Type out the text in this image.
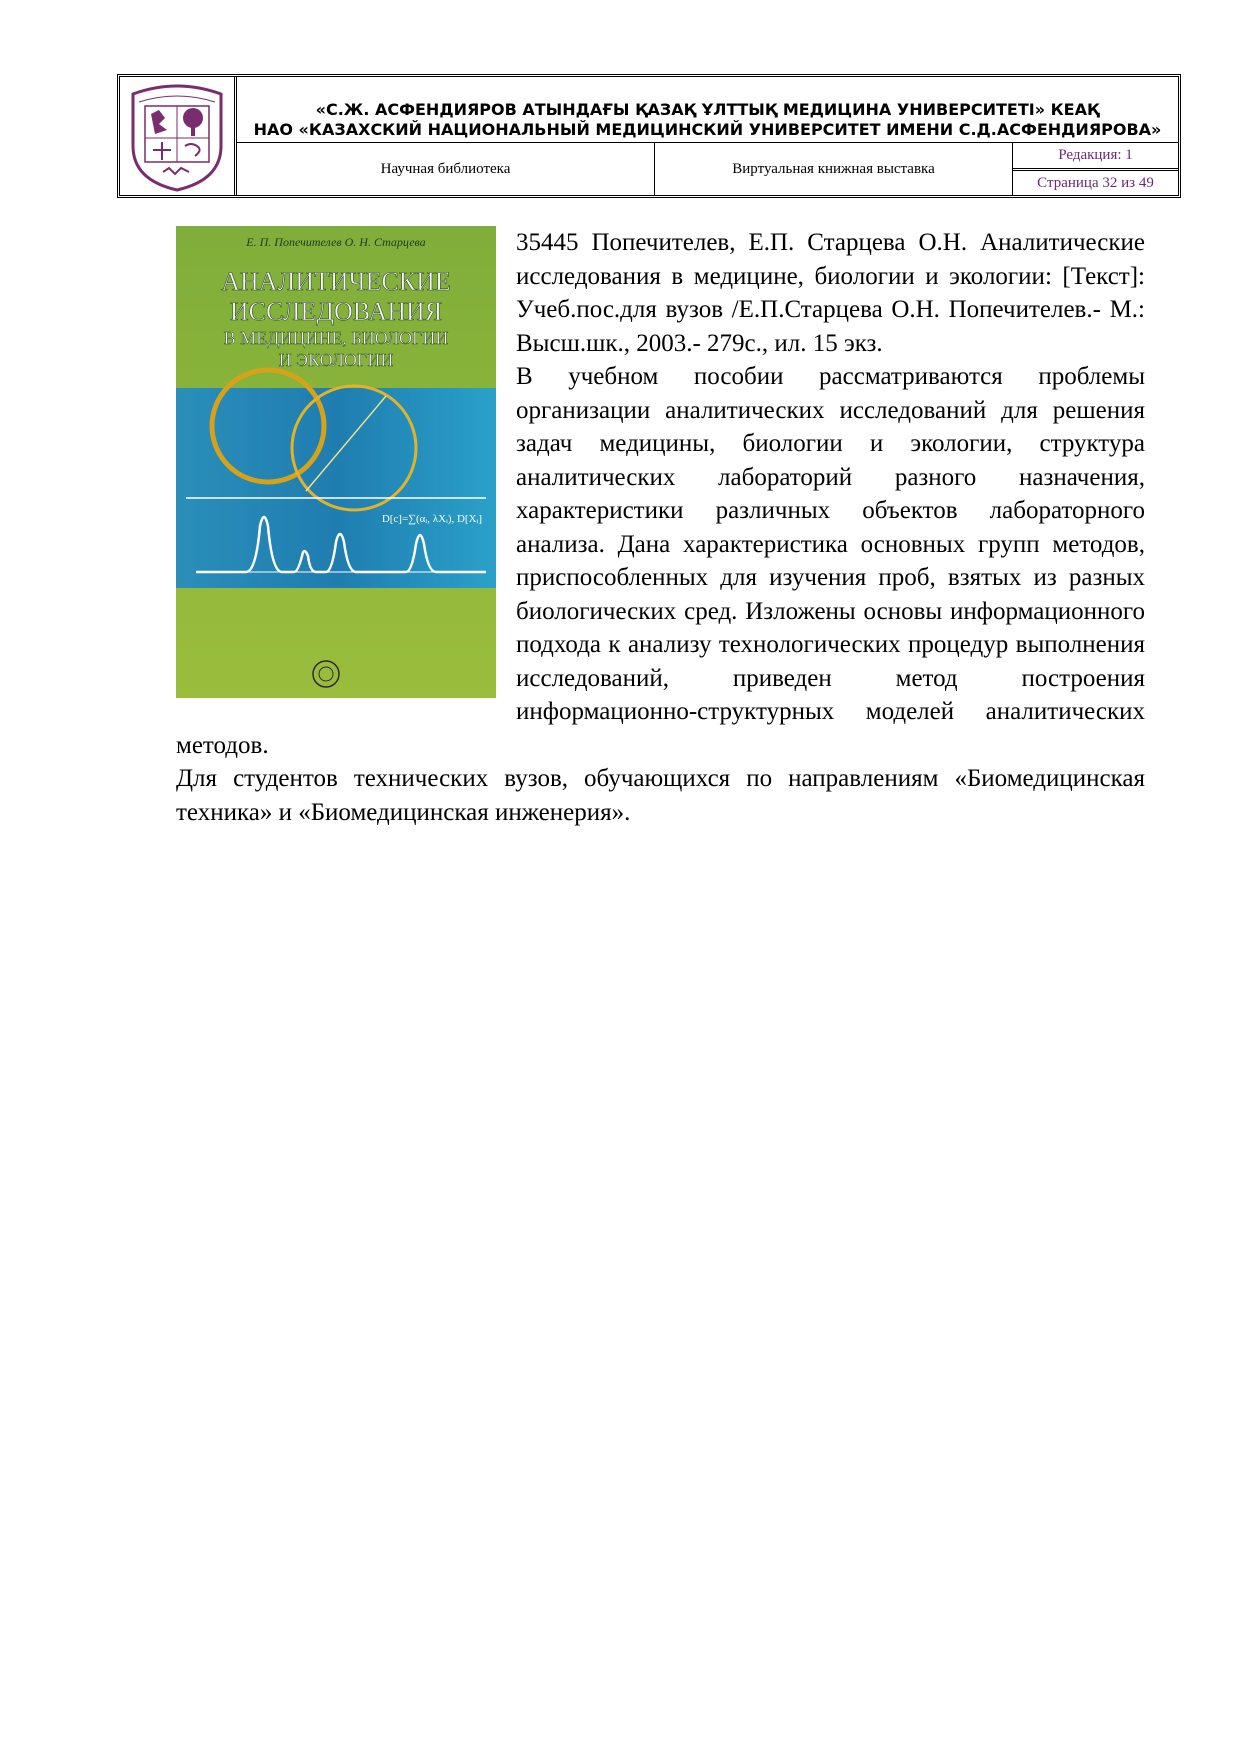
«С.Ж. АСФЕНДИЯРОВ АТЫНДАҒЫ ҚАЗАҚ ҰЛТТЫҚ МЕДИЦИНА УНИВЕРСИТЕТІ» КЕАҚ
НАО «КАЗАХСКИЙ НАЦИОНАЛЬНЫЙ МЕДИЦИНСКИЙ УНИВЕРСИТЕТ ИМЕНИ С.Д.АСФЕНДИЯРОВА»
Научная библиотека	Виртуальная книжная выставка
Редакция: 1
Страница 32 из 49
Е. П. Попечителев О. Н. Старцева
АНАЛИТИЧЕСКИЕ
ИССЛЕДОВАНИЯ
В МЕДИЦИНЕ, БИОЛОГИИ
И ЭКОЛОГИИ
D[c]=∑(αᵢ, λXᵢ), D[Xᵢ]

35445 Попечителев, Е.П. Старцева О.Н. Аналитические исследования в медицине, биологии и экологии: [Текст]: Учеб.пос.для вузов /Е.П.Старцева О.Н. Попечителев.- М.: Высш.шк., 2003.- 279с., ил. 15 экз.

В учебном пособии рассматриваются проблемы организации аналитических исследований для решения задач медицины, биологии и экологии, структура аналитических лабораторий разного назначения, характеристики различных объектов лабораторного анализа. Дана характеристика основных групп методов, приспособленных для изучения проб, взятых из разных биологических сред. Изложены основы информационного подхода к анализу технологических процедур выполнения исследований, приведен метод построения информационно-структурных моделей аналитических методов.

Для студентов технических вузов, обучающихся по направлениям «Биомедицинская техника» и «Биомедицинская инженерия».
